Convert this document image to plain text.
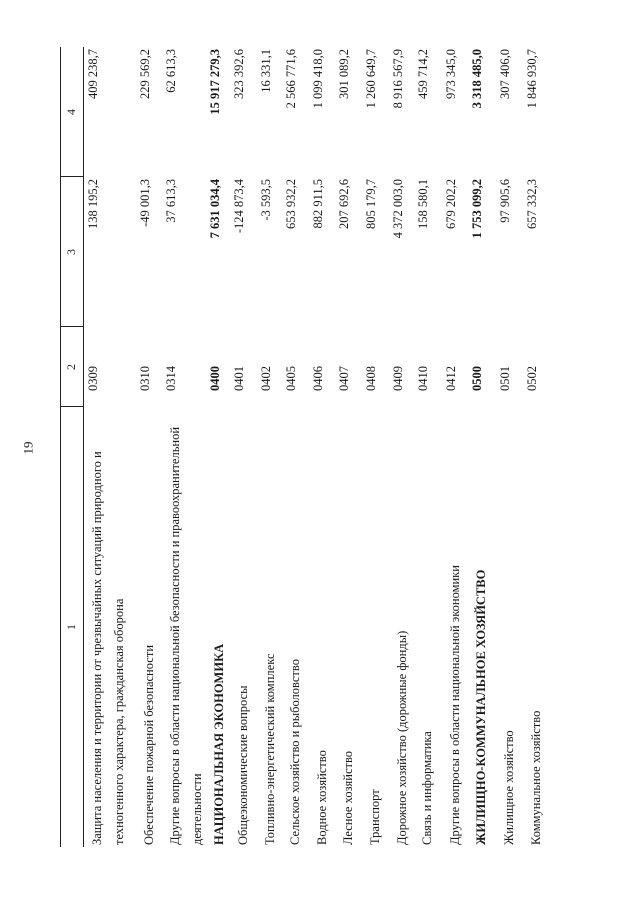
19
1
2
3
4
Защита населения и территории от чрезвычайных ситуаций природного и техногенного характера, гражданская оборона
0309
138 195,2
409 238,7
Обеспечение пожарной безопасности
0310
-49 001,3
229 569,2
Другие вопросы в области национальной безопасности и правоохранительной деятельности
0314
37 613,3
62 613,3
НАЦИОНАЛЬНАЯ ЭКОНОМИКА
0400
7 631 034,4
15 917 279,3
Общеэкономические вопросы
0401
-124 873,4
323 392,6
Топливно-энергетический комплекс
0402
-3 593,5
16 331,1
Сельское хозяйство и рыболовство
0405
653 932,2
2 566 771,6
Водное хозяйство
0406
882 911,5
1 099 418,0
Лесное хозяйство
0407
207 692,6
301 089,2
Транспорт
0408
805 179,7
1 260 649,7
Дорожное хозяйство (дорожные фонды)
0409
4 372 003,0
8 916 567,9
Связь и информатика
0410
158 580,1
459 714,2
Другие вопросы в области национальной экономики
0412
679 202,2
973 345,0
ЖИЛИЩНО-КОММУНАЛЬНОЕ ХОЗЯЙСТВО
0500
1 753 099,2
3 318 485,0
Жилищное хозяйство
0501
97 905,6
307 406,0
Коммунальное хозяйство
0502
657 332,3
1 846 930,7
